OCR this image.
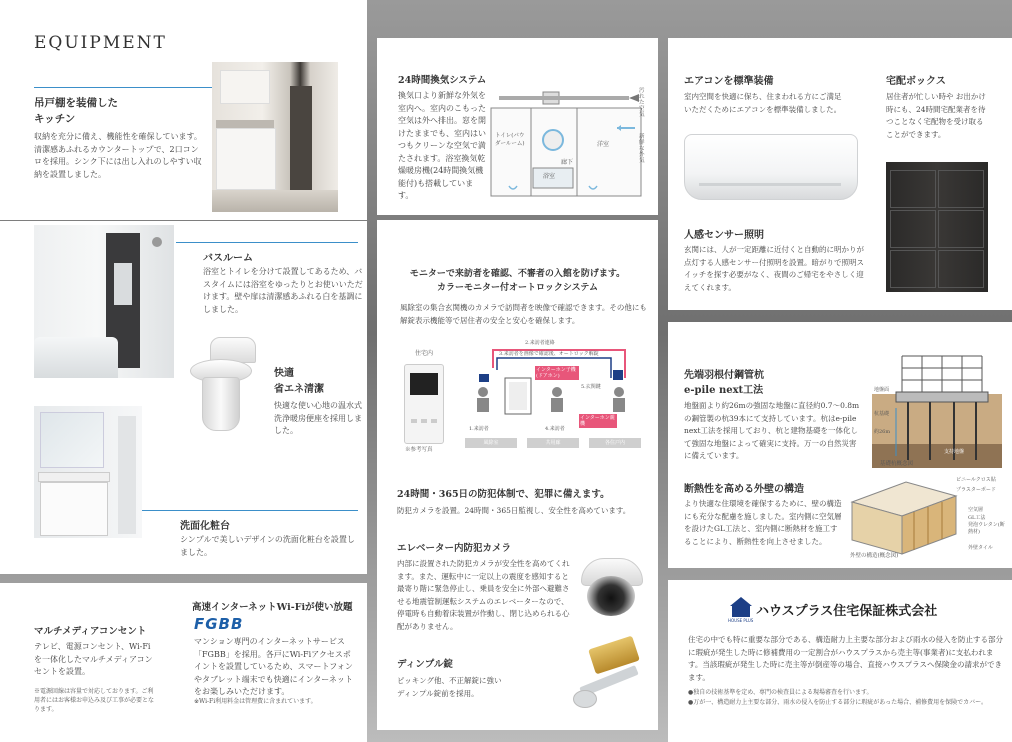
EQUIPMENT
吊戸棚を装備した
キッチン
収納を充分に備え、機能性を確保しています。清潔感あふれるカウンタートップで、2口コンロを採用。シンク下には出し入れのしやすい収納を設置しました。
バスルーム
浴室とトイレを分けて設置してあるため、バスタイムには浴室をゆったりとお使いいただけます。壁や扉は清潔感あふれる白を基調にしました。
快適
省エネ清潔
快適な使い心地の温水式洗浄暖房便座を採用しました。
洗面化粧台
シンプルで美しいデザインの洗面化粧台を設置しました。
マルチメディアコンセント
テレビ、電源コンセント、Wi-Fiを一体化したマルチメディアコンセントを設置。
※電源回線は容量で対応しております。ご利用者にはお客様お申込み及び工事が必要となります。
高速インターネットWi-Fiが使い放題
FGBB
マンション専門のインターネットサービス「FGBB」を採用。各戸にWi-Fiアクセスポイントを設置しているため、スマートフォンやタブレット端末でも快適にインターネットをお楽しみいただけます。
※Wi-Fi利用料金は管理費に含まれています。
24時間換気システム
換気口より新鮮な外気を室内へ。室内のこもった空気は外へ排出。窓を開けたままでも、室内はいつもクリーンな空気で満たされます。浴室換気乾燥暖房機(24時間換気機能付)も搭載しています。
トイレ(パウダールーム)
廊下
洋室
浴室
汚れた空気
新鮮な外気
モニターで来訪者を確認、不審者の入館を防げます。
カラーモニター付オートロックシステム
風除室の集合玄関機のカメラで訪問者を映像で確認できます。その他にも解錠表示機能等で居住者の安全と安心を確保します。
住宅内
※参考写真
2.来訪者連絡
3.来訪者を画像で確認後、オートロック解錠
インターホン子機(ドアホン)
5.玄関鍵
インターホン親機
1.来訪者	4.来訪者
風除室	共用廊	各住戸内
24時間・365日の防犯体制で、犯罪に備えます。
防犯カメラを設置。24時間・365日監視し、安全性を高めています。
エレベーター内防犯カメラ
内部に設置された防犯カメラが安全性を高めてくれます。また、運転中に一定以上の震度を感知すると最寄り階に緊急停止し、乗員を安全に外部へ避難させる地震管制運転システムのエレベーターなので、停電時も自動着床装置が作動し、閉じ込められる心配がありません。
ディンプル錠
ピッキング他、不正解錠に強いディンプル錠前を採用。
エアコンを標準装備
室内空間を快適に保ち、住まわれる方にご満足いただくためにエアコンを標準装備しました。
宅配ボックス
居住者が忙しい時や お出かけ時にも、24時間宅配業者を待つことなく宅配物を受け取ることができます。
人感センサー照明
玄関には、人が一定距離に近付くと自動的に明かりが点灯する人感センサー付照明を設置。暗がりで照明スイッチを探す必要がなく、夜間のご帰宅をやさしく迎えてくれます。
先端羽根付鋼管杭
e-pile next工法
地盤面より約26mの強固な地盤に直径約0.7〜0.8mの鋼管製の杭39本にて支持しています。杭はe-pile next工法を採用しており、杭と建物基礎を一体化して強固な地盤によって確実に支持。万一の自然災害に備えています。
地盤面
杭基礎
約26m
支持地盤
基礎杭概念図
断熱性を高める外壁の構造
より快適な住環境を確保するために、壁の構造にも充分な配慮を施しました。室内側に空気層を設けたGL工法と、室内側に断熱材を施工することにより、断熱性を向上させました。
ビニールクロス貼
プラスターボード
空気層
GL工法
発泡ウレタン(断熱材)
外壁タイル
外壁の構造(概念図)
HOUSE PLUS
ハウスプラス住宅保証株式会社
住宅の中でも特に重要な部分である、構造耐力上主要な部分および雨水の侵入を防止する部分に瑕疵が発生した時に修補費用の一定割合がハウスプラスから売主等(事業者)に支払われます。当該瑕疵が発生した時に売主等が倒産等の場合、直接ハウスプラスへ保険金の請求ができます。
●独自の技術基準を定め、専門の検査員による現場審査を行います。
●万が一、構造耐力上主要な部分、雨水の侵入を防止する部分に瑕疵があった場合、補修費用を保険でカバー。
